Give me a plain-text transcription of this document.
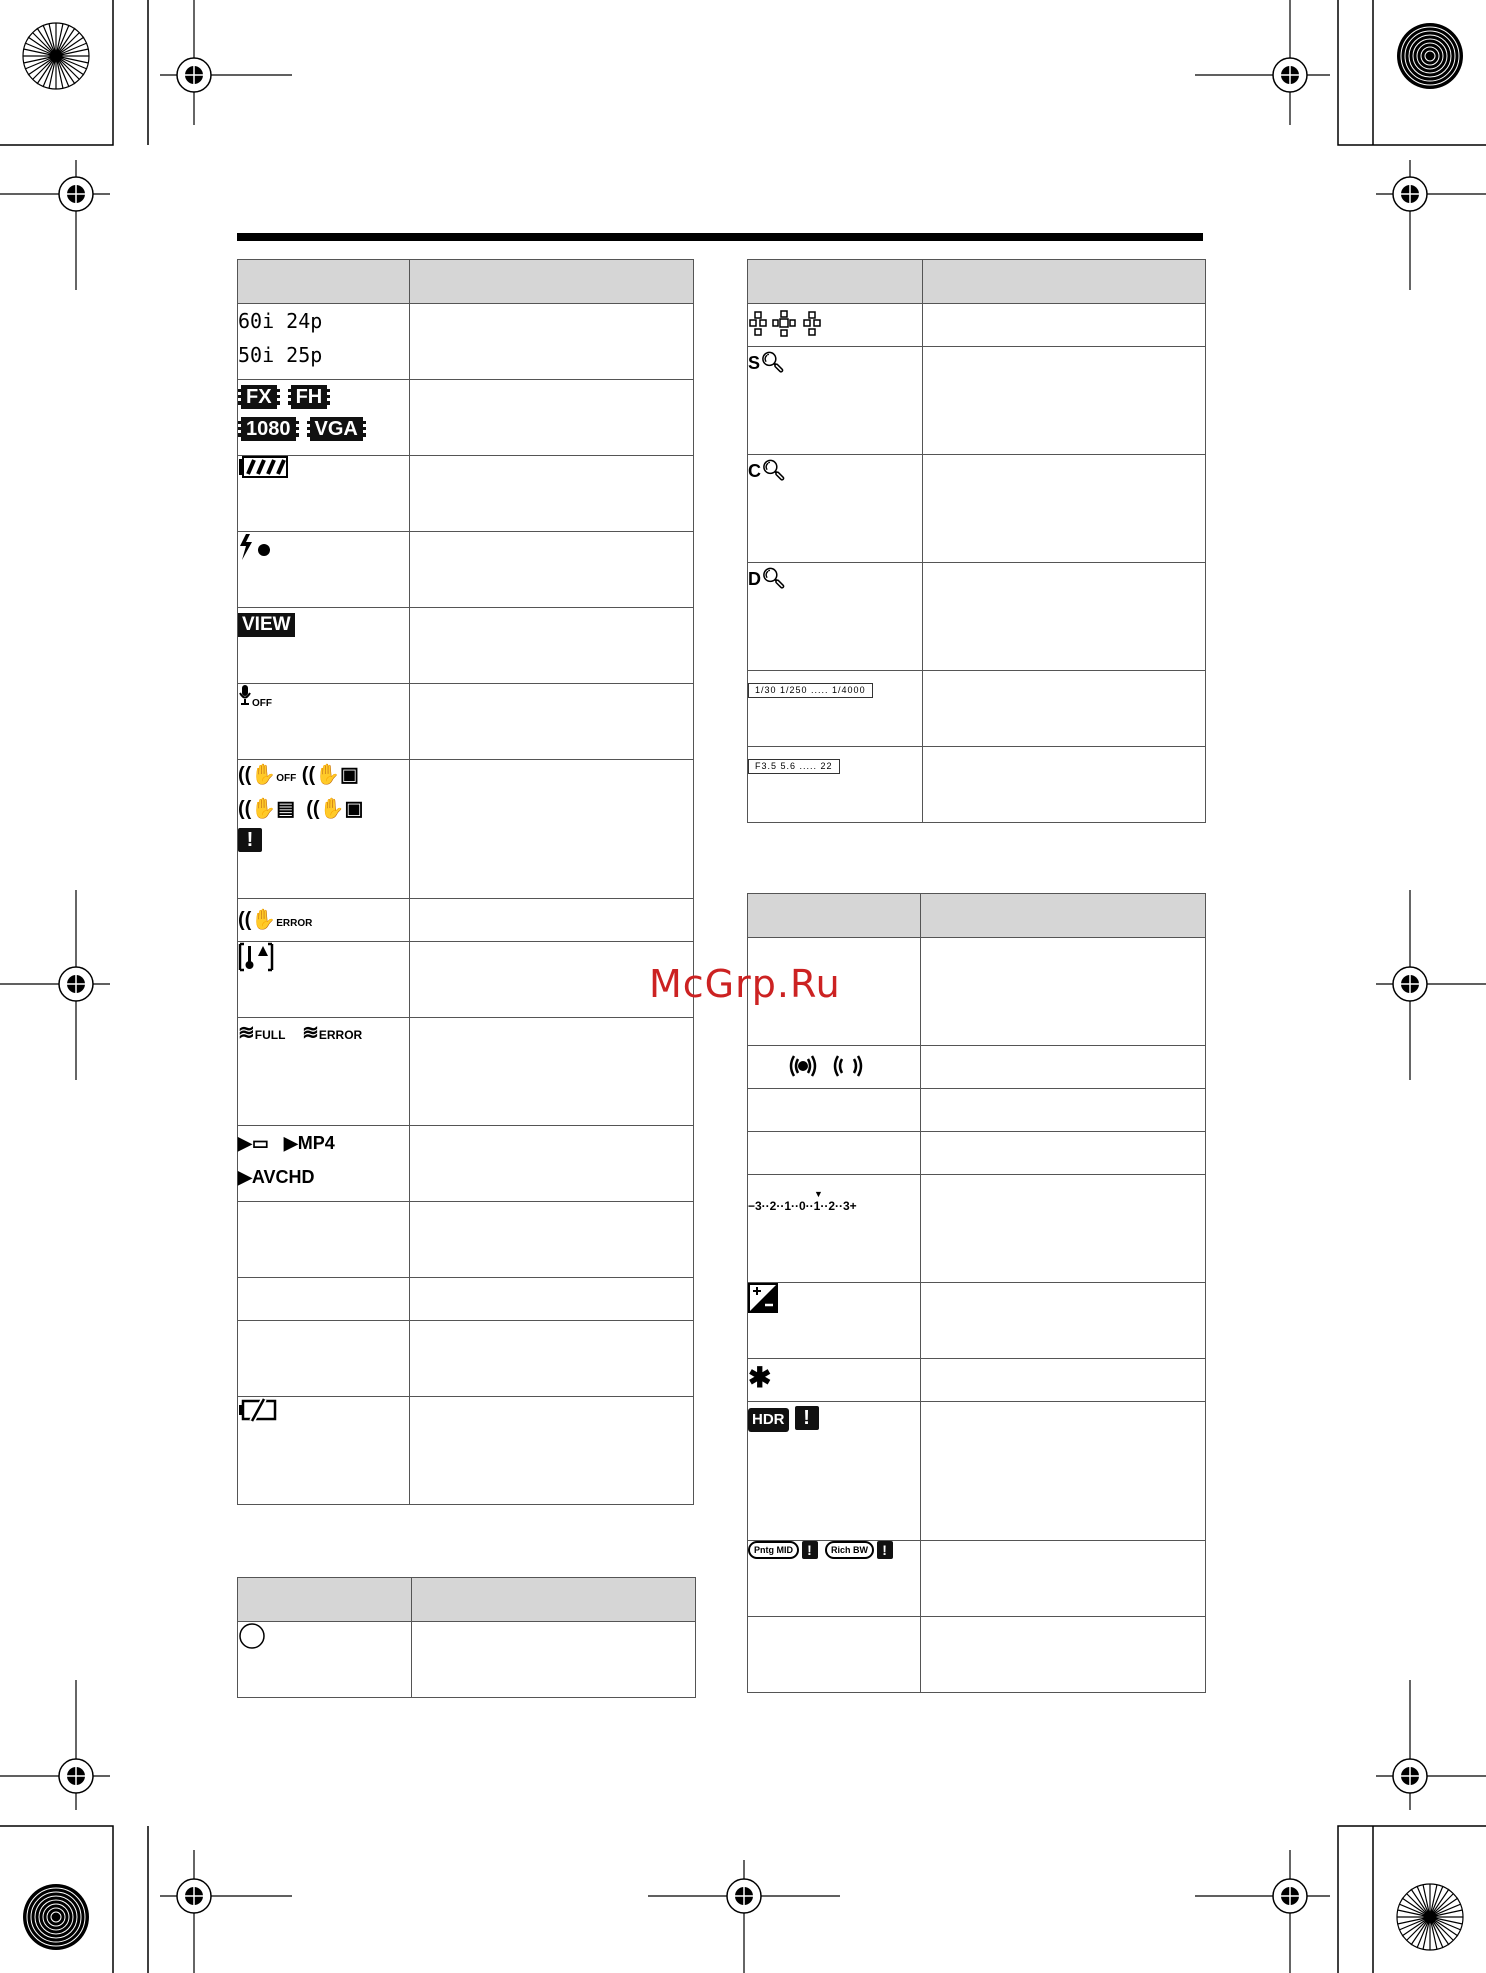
60i 24p
50i 25p	

FX FH
1080 VGA	

VIEW	
OFF	

((✋OFF ((✋▣
((✋▤  ((✋▣
!	
((✋ERROR	

≋FULL ≋ERROR	
▶▭ ▶MP4
▶AVCHD	

S🔍︎	
C🔍︎	
D🔍︎	
1/30 1/250 ..... 1/4000	
F3.5 5.6 ..... 22	

▼
−3··2··1··0··1··2··3+	

✱	
HDR !	
Pntg MID ! Rich BW !	

McGrp.Ru
